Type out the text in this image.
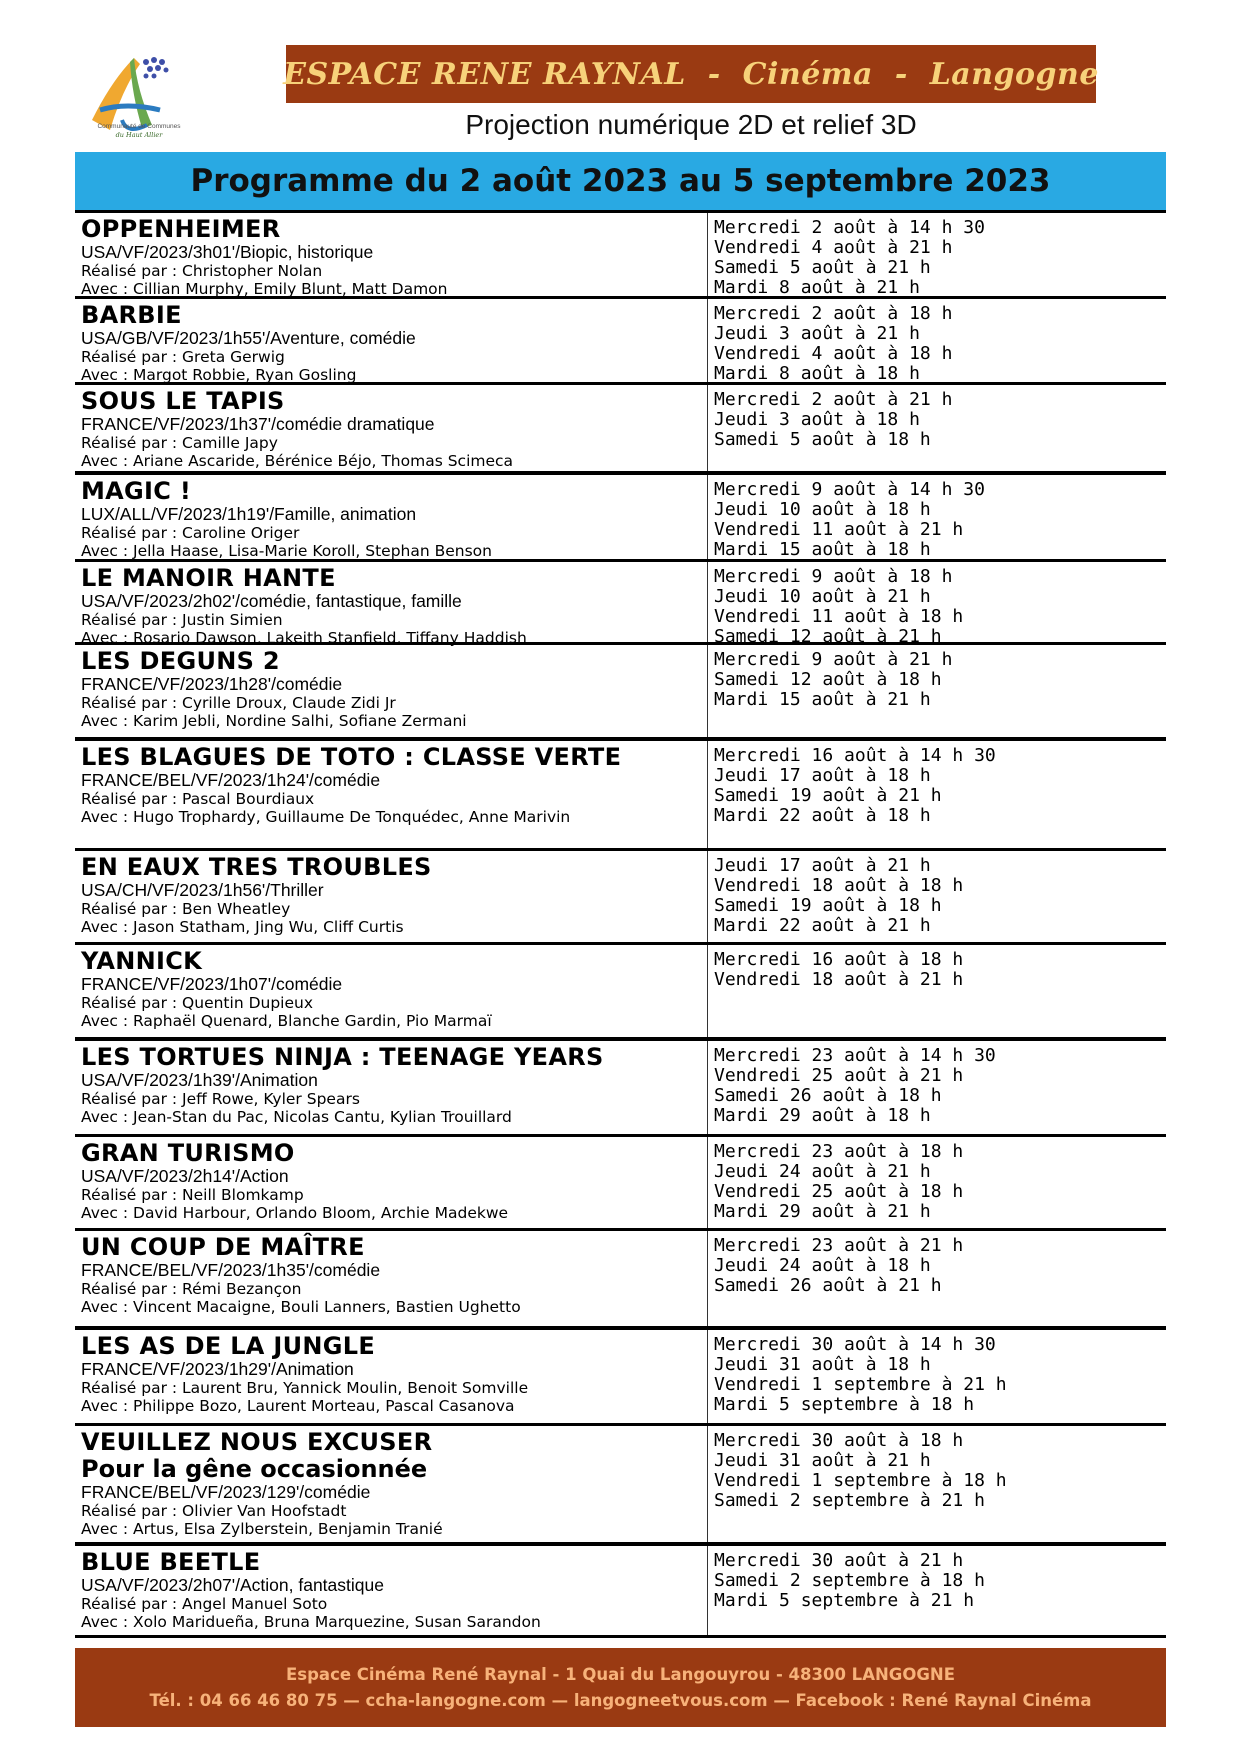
Communauté de Communes
du Haut Allier
ESPACE RENE RAYNAL  -  Cinéma  -  Langogne
Projection numérique 2D et relief 3D
Programme du 2 août 2023 au 5 septembre 2023
OPPENHEIMER
USA/VF/2023/3h01'/Biopic, historique
Réalisé par : Christopher Nolan
Avec : Cillian Murphy, Emily Blunt, Matt Damon
Mercredi 2 août à 14 h 30
Vendredi 4 août à 21 h
Samedi 5 août à 21 h
Mardi 8 août à 21 h
BARBIE
USA/GB/VF/2023/1h55'/Aventure, comédie
Réalisé par : Greta Gerwig
Avec : Margot Robbie, Ryan Gosling
Mercredi 2 août à 18 h
Jeudi 3 août à 21 h
Vendredi 4 août à 18 h
Mardi 8 août à 18 h
SOUS LE TAPIS
FRANCE/VF/2023/1h37'/comédie dramatique
Réalisé par : Camille Japy
Avec : Ariane Ascaride, Bérénice Béjo, Thomas Scimeca
Mercredi 2 août à 21 h
Jeudi 3 août à 18 h
Samedi 5 août à 18 h
MAGIC !
LUX/ALL/VF/2023/1h19'/Famille, animation
Réalisé par : Caroline Origer
Avec : Jella Haase, Lisa-Marie Koroll, Stephan Benson
Mercredi 9 août à 14 h 30
Jeudi 10 août à 18 h
Vendredi 11 août à 21 h
Mardi 15 août à 18 h
LE MANOIR HANTE
USA/VF/2023/2h02'/comédie, fantastique, famille
Réalisé par : Justin Simien
Avec : Rosario Dawson, Lakeith Stanfield, Tiffany Haddish
Mercredi 9 août à 18 h
Jeudi 10 août à 21 h
Vendredi 11 août à 18 h
Samedi 12 août à 21 h
LES DEGUNS 2
FRANCE/VF/2023/1h28'/comédie
Réalisé par : Cyrille Droux, Claude Zidi Jr
Avec : Karim Jebli, Nordine Salhi, Sofiane Zermani
Mercredi 9 août à 21 h
Samedi 12 août à 18 h
Mardi 15 août à 21 h
LES BLAGUES DE TOTO : CLASSE VERTE
FRANCE/BEL/VF/2023/1h24'/comédie
Réalisé par : Pascal Bourdiaux
Avec : Hugo Trophardy, Guillaume De Tonquédec, Anne Marivin
Mercredi 16 août à 14 h 30
Jeudi 17 août à 18 h
Samedi 19 août à 21 h
Mardi 22 août à 18 h
EN EAUX TRES TROUBLES
USA/CH/VF/2023/1h56'/Thriller
Réalisé par : Ben Wheatley
Avec : Jason Statham, Jing Wu, Cliff Curtis
Jeudi 17 août à 21 h
Vendredi 18 août à 18 h
Samedi 19 août à 18 h
Mardi 22 août à 21 h
YANNICK
FRANCE/VF/2023/1h07'/comédie
Réalisé par : Quentin Dupieux
Avec : Raphaël Quenard, Blanche Gardin, Pio Marmaï
Mercredi 16 août à 18 h
Vendredi 18 août à 21 h
LES TORTUES NINJA : TEENAGE YEARS
USA/VF/2023/1h39'/Animation
Réalisé par : Jeff Rowe, Kyler Spears
Avec : Jean-Stan du Pac, Nicolas Cantu, Kylian Trouillard
Mercredi 23 août à 14 h 30
Vendredi 25 août à 21 h
Samedi 26 août à 18 h
Mardi 29 août à 18 h
GRAN TURISMO
USA/VF/2023/2h14'/Action
Réalisé par : Neill Blomkamp
Avec : David Harbour, Orlando Bloom, Archie Madekwe
Mercredi 23 août à 18 h
Jeudi 24 août à 21 h
Vendredi 25 août à 18 h
Mardi 29 août à 21 h
UN COUP DE MAÎTRE
FRANCE/BEL/VF/2023/1h35'/comédie
Réalisé par : Rémi Bezançon
Avec : Vincent Macaigne, Bouli Lanners, Bastien Ughetto
Mercredi 23 août à 21 h
Jeudi 24 août à 18 h
Samedi 26 août à 21 h
LES AS DE LA JUNGLE
FRANCE/VF/2023/1h29'/Animation
Réalisé par : Laurent Bru, Yannick Moulin, Benoit Somville
Avec : Philippe Bozo, Laurent Morteau, Pascal Casanova
Mercredi 30 août à 14 h 30
Jeudi 31 août à 18 h
Vendredi 1 septembre à 21 h
Mardi 5 septembre à 18 h
VEUILLEZ NOUS EXCUSER
Pour la gêne occasionnée
FRANCE/BEL/VF/2023/129'/comédie
Réalisé par : Olivier Van Hoofstadt
Avec : Artus, Elsa Zylberstein, Benjamin Tranié
Mercredi 30 août à 18 h
Jeudi 31 août à 21 h
Vendredi 1 septembre à 18 h
Samedi 2 septembre à 21 h
BLUE BEETLE
USA/VF/2023/2h07'/Action, fantastique
Réalisé par : Angel Manuel Soto
Avec : Xolo Maridueña, Bruna Marquezine, Susan Sarandon
Mercredi 30 août à 21 h
Samedi 2 septembre à 18 h
Mardi 5 septembre à 21 h
Espace Cinéma René Raynal - 1 Quai du Langouyrou - 48300 LANGOGNE
Tél. : 04 66 46 80 75 — ccha-langogne.com — langogneetvous.com — Facebook : René Raynal Cinéma
